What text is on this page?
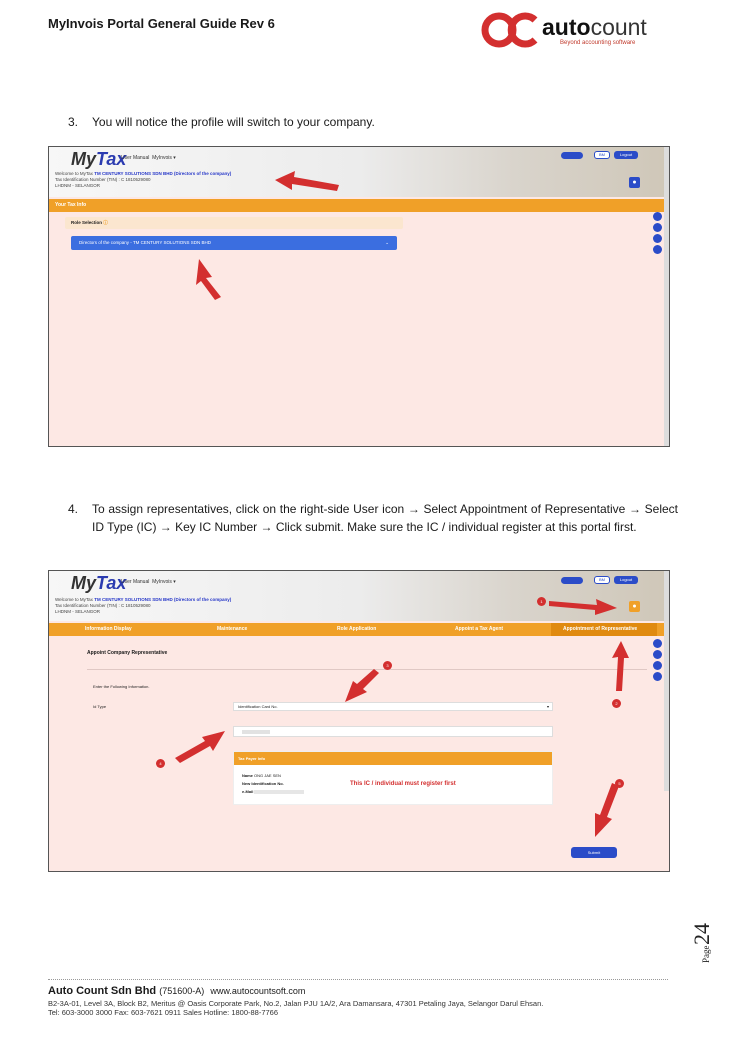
MyInvois Portal General Guide Rev 6	autocount
Beyond accounting software
3.	You will notice the profile will switch to your company.
MyTax
User Manual MyInvois ▾
Welcome to MyTax TM CENTURY SOLUTIONS SDN BHD (Directors of the company)
Tax Identification Number (TIN) : C 1810529080
LHDNM - SELANGOR
BM	Logout
●
Your Tax Info
Role Selection ⓘ
Directors of the company - TM CENTURY SOLUTIONS SDN BHD	⌄
4.	To assign representatives, click on the right-side User icon → Select Appointment of Representative → Select ID Type (IC) → Key IC Number → Click submit. Make sure the IC / individual register at this portal first.
MyTax
User Manual MyInvois ▾
Welcome to MyTax TM CENTURY SOLUTIONS SDN BHD (Directors of the company)
Tax Identification Number (TIN) : C 1810529080
LHDNM - SELANGOR
BM	Logout
●
Information Display	Maintenance	Role Application	Appoint a Tax Agent	Appointment of Representative
Appoint Company Representative
Enter the Following Information.
Id Type	Identification Card No.	▾
Tax Payer Info
Name ONG JAE SEN
New Identification No.
e-Mail
This IC / individual must register first
Submit
1
2
3
4
5
Page
24
Auto Count Sdn Bhd (751600-A) www.autocountsoft.com
B2-3A-01, Level 3A, Block B2, Meritus @ Oasis Corporate Park, No.2, Jalan PJU 1A/2, Ara Damansara, 47301 Petaling Jaya, Selangor Darul Ehsan.
Tel: 603-3000 3000 Fax: 603-7621 0911 Sales Hotline: 1800-88-7766
